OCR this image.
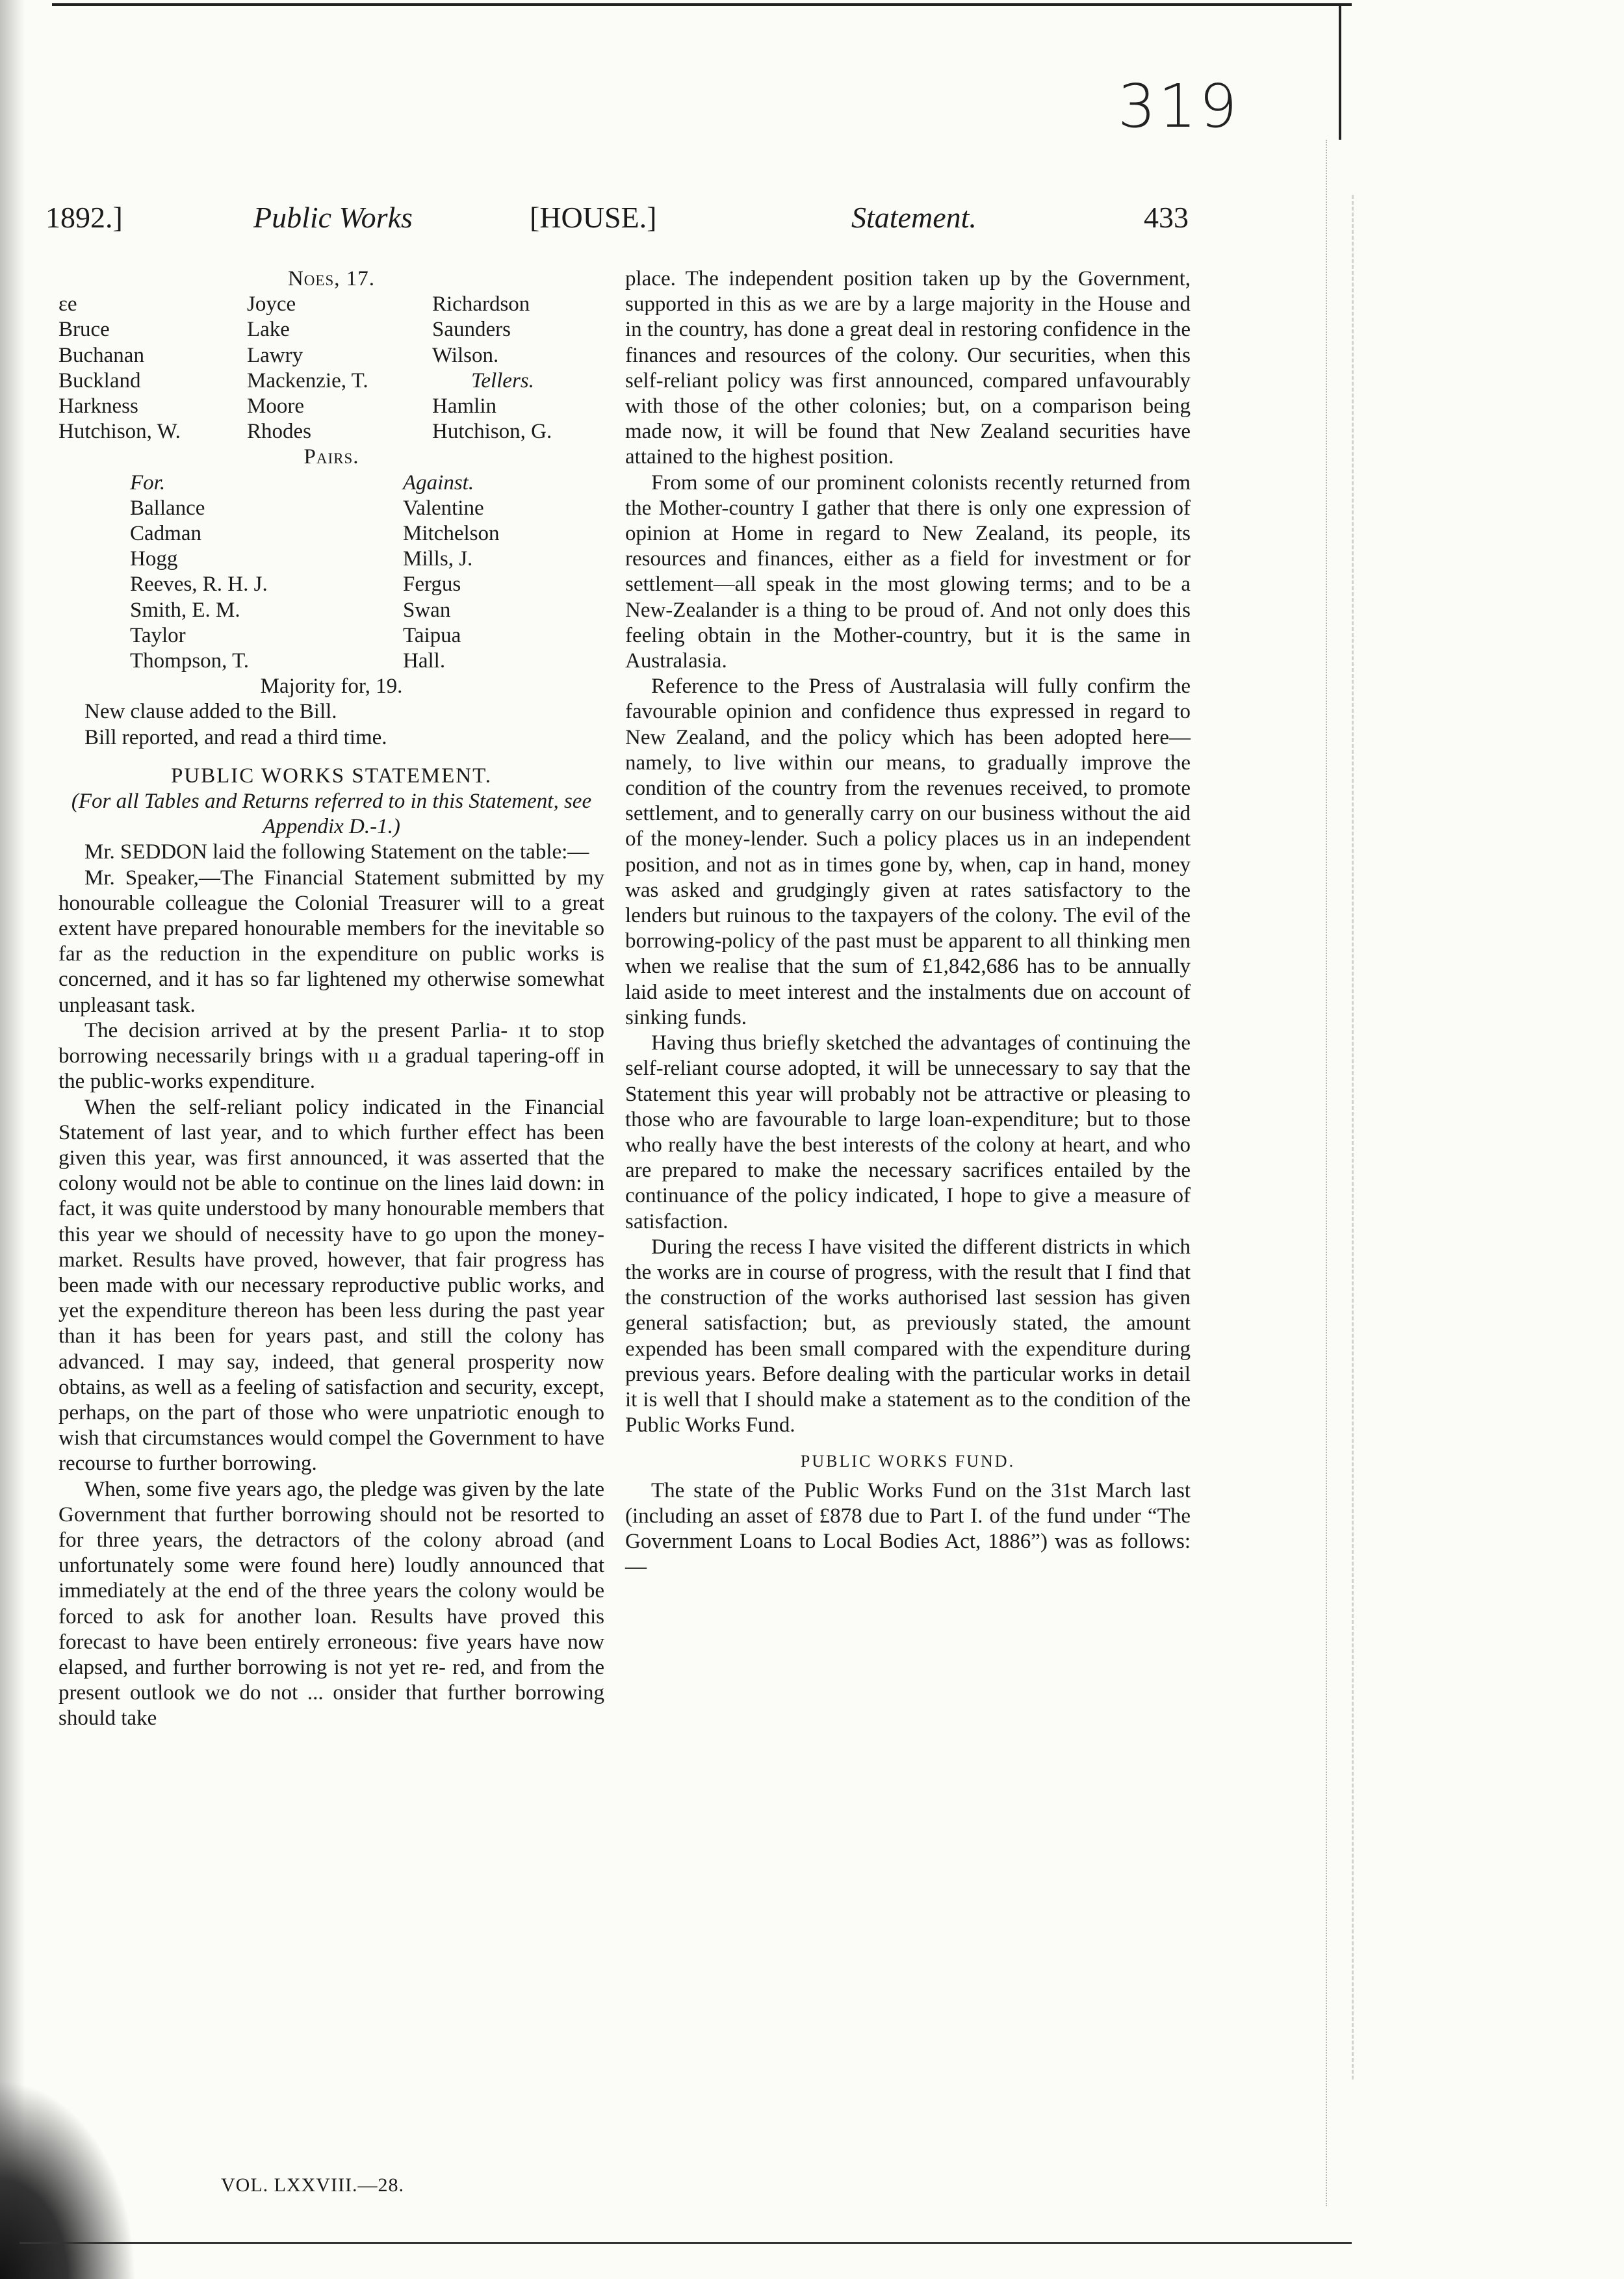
319
1892.]	Public Works	[HOUSE.]	Statement.	433
Noes, 17.
ɛe	Joyce	Richardson
Bruce	Lake	Saunders
Buchanan	Lawry	Wilson.
Buckland	Mackenzie, T.	Tellers.
Harkness	Moore	Hamlin
Hutchison, W.	Rhodes	Hutchison, G.
Pairs.
For.	Against.
Ballance	Valentine
Cadman	Mitchelson
Hogg	Mills, J.
Reeves, R. H. J.	Fergus
Smith, E. M.	Swan
Taylor	Taipua
Thompson, T.	Hall.
Majority for, 19.

New clause added to the Bill.

Bill reported, and read a third time.

PUBLIC WORKS STATEMENT.
(For all Tables and Returns referred to in this Statement, see Appendix D.-1.)

Mr. SEDDON laid the following Statement on the table:—

Mr. Speaker,—The Financial Statement submitted by my honourable colleague the Colonial Treasurer will to a great extent have prepared honourable members for the inevitable so far as the reduction in the expenditure on public works is concerned, and it has so far lightened my otherwise somewhat unpleasant task.

The decision arrived at by the present Parlia- ıt to stop borrowing necessarily brings with ıı a gradual tapering-off in the public-works expenditure.

When the self-reliant policy indicated in the Financial Statement of last year, and to which further effect has been given this year, was first announced, it was asserted that the colony would not be able to continue on the lines laid down: in fact, it was quite understood by many honourable members that this year we should of necessity have to go upon the money-market. Results have proved, however, that fair progress has been made with our necessary reproductive public works, and yet the expenditure thereon has been less during the past year than it has been for years past, and still the colony has advanced. I may say, indeed, that general prosperity now obtains, as well as a feeling of satisfaction and security, except, perhaps, on the part of those who were unpatriotic enough to wish that circumstances would compel the Government to have recourse to further borrowing.

When, some five years ago, the pledge was given by the late Government that further borrowing should not be resorted to for three years, the detractors of the colony abroad (and unfortunately some were found here) loudly announced that immediately at the end of the three years the colony would be forced to ask for another loan. Results have proved this forecast to have been entirely erroneous: five years have now elapsed, and further borrowing is not yet re- red, and from the present outlook we do not ... onsider that further borrowing should take

place. The independent position taken up by the Government, supported in this as we are by a large majority in the House and in the country, has done a great deal in restoring confidence in the finances and resources of the colony. Our securities, when this self-reliant policy was first announced, compared unfavourably with those of the other colonies; but, on a comparison being made now, it will be found that New Zealand securities have attained to the highest position.

From some of our prominent colonists recently returned from the Mother-country I gather that there is only one expression of opinion at Home in regard to New Zealand, its people, its resources and finances, either as a field for investment or for settlement—all speak in the most glowing terms; and to be a New-Zealander is a thing to be proud of. And not only does this feeling obtain in the Mother-country, but it is the same in Australasia.

Reference to the Press of Australasia will fully confirm the favourable opinion and confidence thus expressed in regard to New Zealand, and the policy which has been adopted here—namely, to live within our means, to gradually improve the condition of the country from the revenues received, to promote settlement, and to generally carry on our business without the aid of the money-lender. Such a policy places us in an independent position, and not as in times gone by, when, cap in hand, money was asked and grudgingly given at rates satisfactory to the lenders but ruinous to the taxpayers of the colony. The evil of the borrowing-policy of the past must be apparent to all thinking men when we realise that the sum of £1,842,686 has to be annually laid aside to meet interest and the instalments due on account of sinking funds.

Having thus briefly sketched the advantages of continuing the self-reliant course adopted, it will be unnecessary to say that the Statement this year will probably not be attractive or pleasing to those who are favourable to large loan-expenditure; but to those who really have the best interests of the colony at heart, and who are prepared to make the necessary sacrifices entailed by the continuance of the policy indicated, I hope to give a measure of satisfaction.

During the recess I have visited the different districts in which the works are in course of progress, with the result that I find that the construction of the works authorised last session has given general satisfaction; but, as previously stated, the amount expended has been small compared with the expenditure during previous years. Before dealing with the particular works in detail it is well that I should make a statement as to the condition of the Public Works Fund.

PUBLIC WORKS FUND.

The state of the Public Works Fund on the 31st March last (including an asset of £878 due to Part I. of the fund under “The Government Loans to Local Bodies Act, 1886”) was as follows:—

VOL. LXXVIII.—28.
